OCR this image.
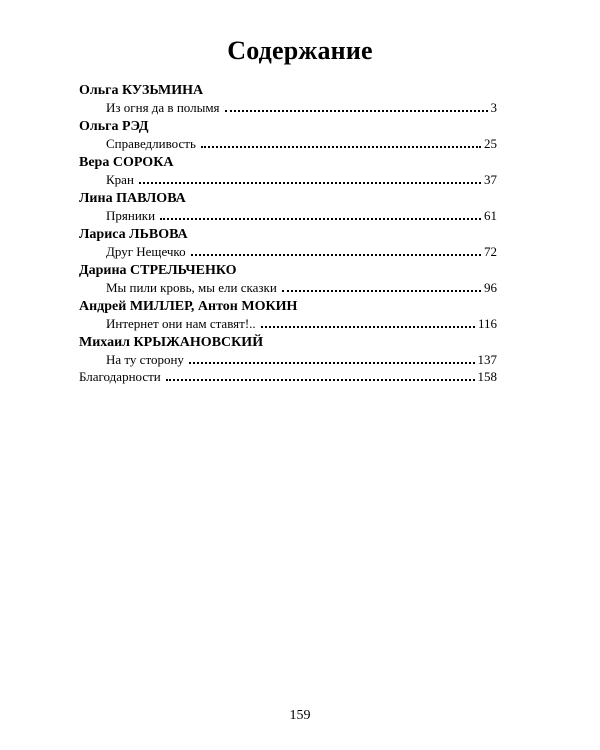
Содержание
Ольга КУЗЬМИНА
Из огня да в полымя	3
Ольга РЭД
Справедливость	25
Вера СОРОКА
Кран	37
Лина ПАВЛОВА
Пряники	61
Лариса ЛЬВОВА
Друг Нещечко	72
Дарина СТРЕЛЬЧЕНКО
Мы пили кровь, мы ели сказки	96
Андрей МИЛЛЕР, Антон МОКИН
Интернет они нам ставят!..	116
Михаил КРЫЖАНОВСКИЙ
На ту сторону	137
Благодарности	158
159
